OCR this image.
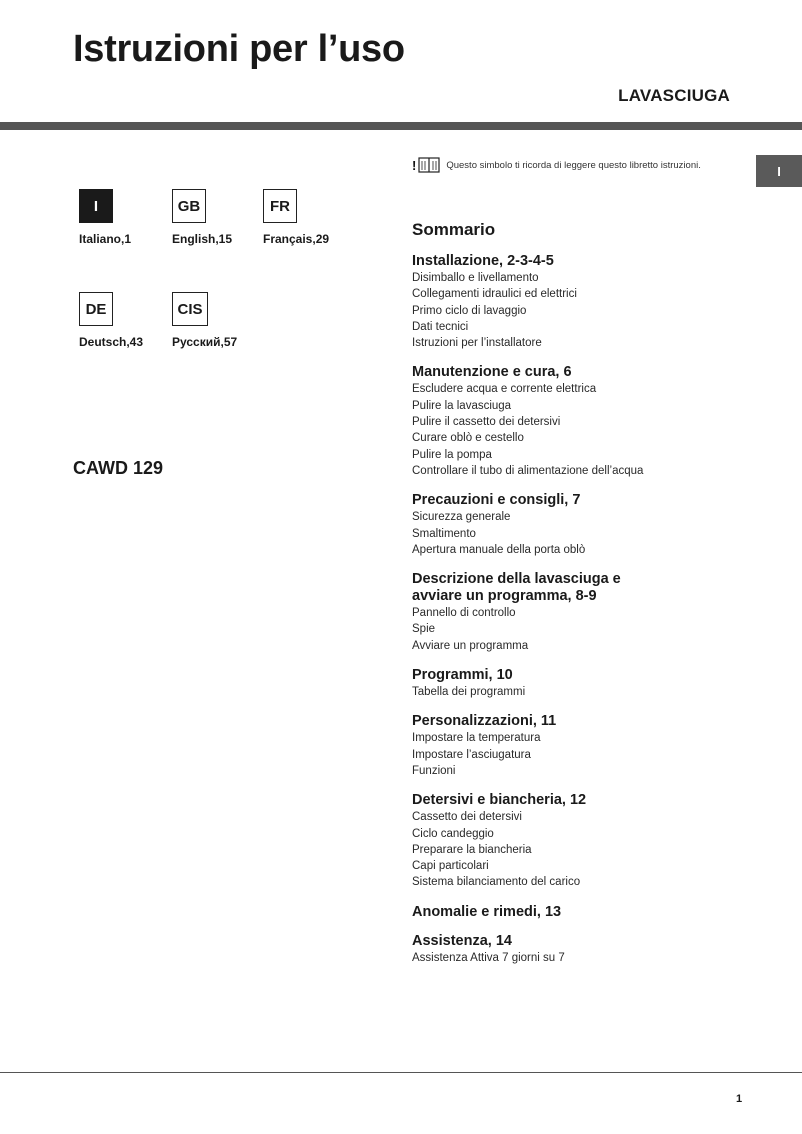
Istruzioni per l’uso
LAVASCIUGA
I
I
Italiano,1
GB
English,15
FR
Français,29
DE
Deutsch,43
CIS
Русский,57
CAWD 129
!	Questo simbolo ti ricorda di leggere questo libretto istruzioni.
Sommario
Installazione, 2-3-4-5
Disimballo e livellamento
Collegamenti idraulici ed elettrici
Primo ciclo di lavaggio
Dati tecnici
Istruzioni per l’installatore
Manutenzione e cura, 6
Escludere acqua e corrente elettrica
Pulire la lavasciuga
Pulire il cassetto dei detersivi
Curare oblò e cestello
Pulire la pompa
Controllare il tubo di alimentazione dell’acqua
Precauzioni e consigli, 7
Sicurezza generale
Smaltimento
Apertura manuale della porta oblò
Descrizione della lavasciuga e
avviare un programma, 8-9
Pannello di controllo
Spie
Avviare un programma
Programmi, 10
Tabella dei programmi
Personalizzazioni, 11
Impostare la temperatura
Impostare l’asciugatura
Funzioni
Detersivi e biancheria, 12
Cassetto dei detersivi
Ciclo candeggio
Preparare la biancheria
Capi particolari
Sistema bilanciamento del carico
Anomalie e rimedi, 13
Assistenza, 14
Assistenza Attiva 7 giorni su 7
1
